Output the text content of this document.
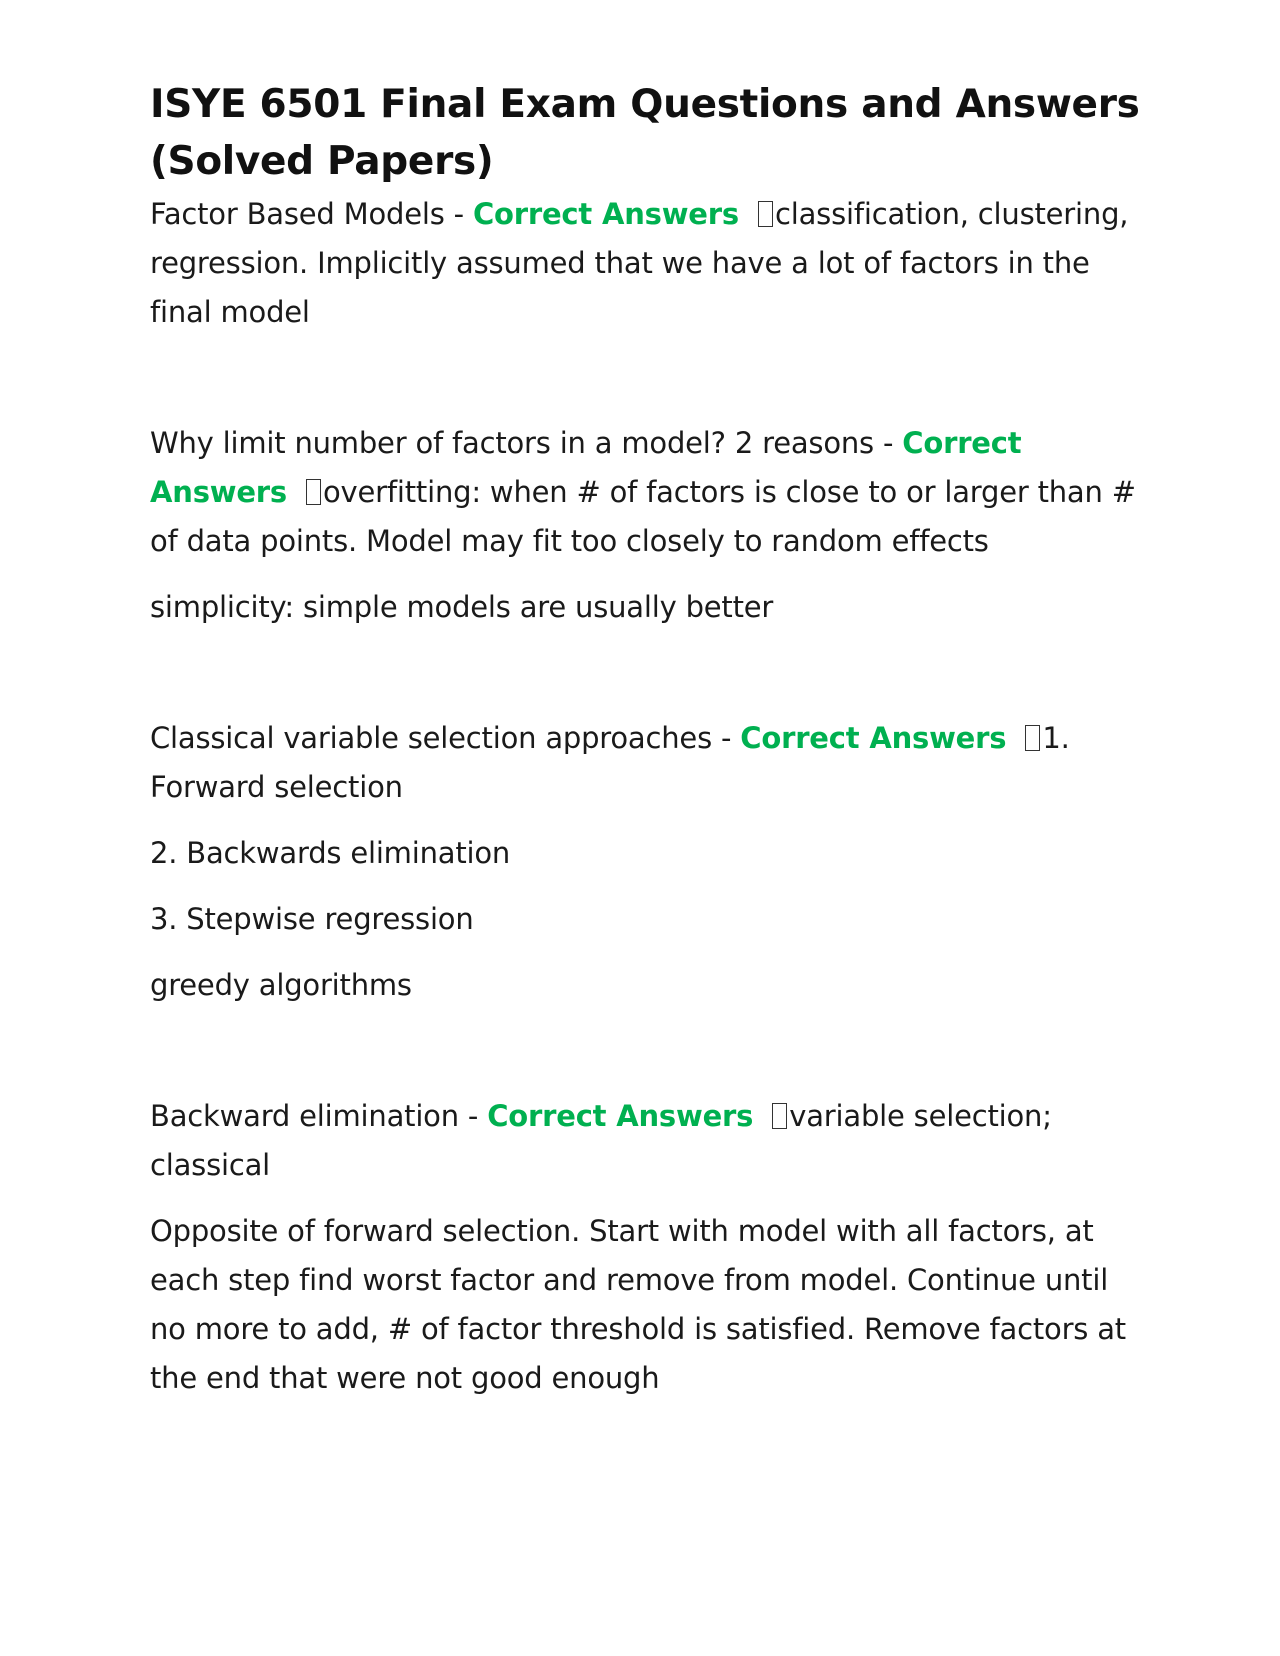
ISYE 6501 Final Exam Questions and Answers (Solved Papers)

Factor Based Models - Correct Answers classification, clustering, regression. Implicitly assumed that we have a lot of factors in the final model

Why limit number of factors in a model? 2 reasons - Correct Answers overfitting: when # of factors is close to or larger than # of data points. Model may fit too closely to random effects

simplicity: simple models are usually better

Classical variable selection approaches - Correct Answers 1. Forward selection

2. Backwards elimination

3. Stepwise regression

greedy algorithms

Backward elimination - Correct Answers variable selection; classical

Opposite of forward selection. Start with model with all factors, at each step find worst factor and remove from model. Continue until no more to add, # of factor threshold is satisfied. Remove factors at the end that were not good enough
